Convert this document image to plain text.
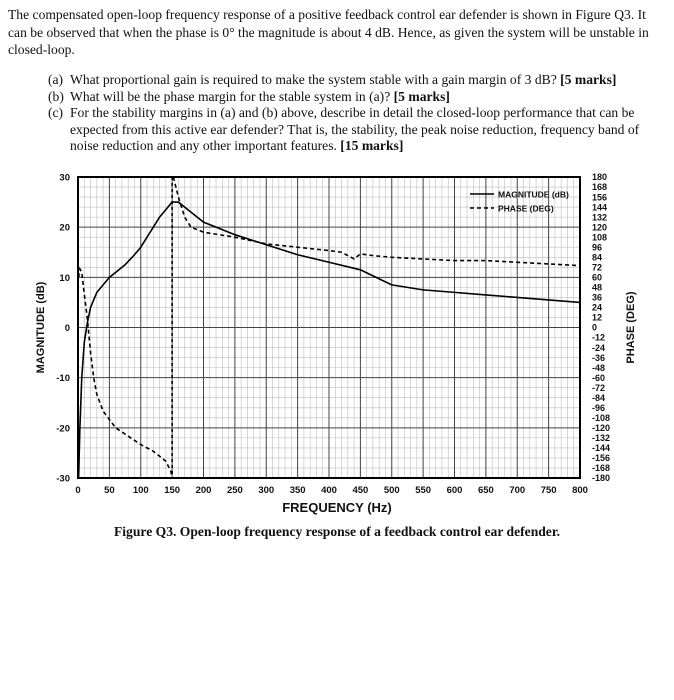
The compensated open-loop frequency response of a positive feedback control ear defender is shown in Figure Q3. It can be observed that when the phase is 0° the magnitude is about 4 dB. Hence, as given the system will be unstable in closed-loop.
(a) What proportional gain is required to make the system stable with a gain margin of 3 dB? [5 marks]
(b) What will be the phase margin for the stable system in (a)? [5 marks]
(c) For the stability margins in (a) and (b) above, describe in detail the closed-loop performance that can be expected from this active ear defender? That is, the stability, the peak noise reduction, frequency band of noise reduction and any other important features. [15 marks]
0 50 100 150 200 250 300 350 400 450 500 550 600 650 700 750 800
30
20
10
0
-10
-20
-30
180
168
156
144
132
120
108
96
84
72
60
48
36
24
12
0
-12
-24
-36
-48
-60
-72
-84
-96
-108
-120
-132
-144
-156
-168
-180
MAGNITUDE (dB)	PHASE (DEG)
MAGNITUDE (dB)
PHASE (DEG)
FREQUENCY (Hz)
Figure Q3. Open-loop frequency response of a feedback control ear defender.
